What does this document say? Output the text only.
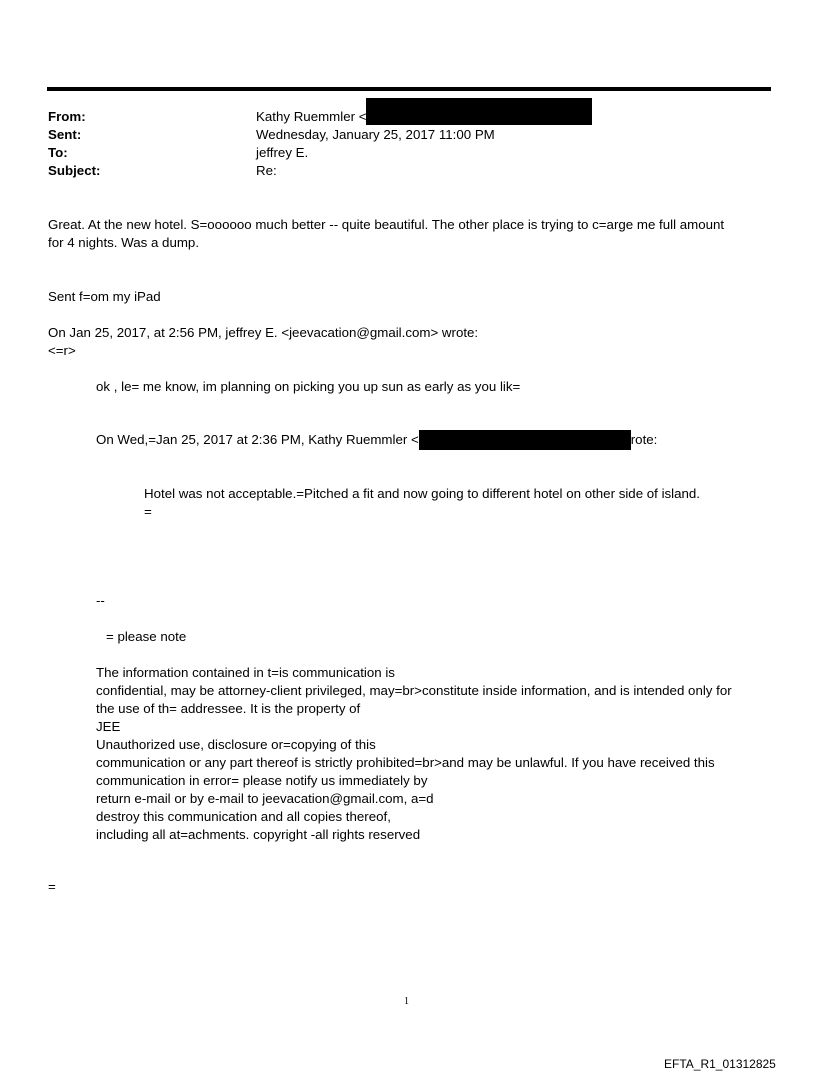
From:	Kathy Ruemmler <
Sent:	Wednesday, January 25, 2017 11:00 PM
To:	jeffrey E.
Subject:	Re:
Great. At the new hotel. S=oooooo much better -- quite beautiful. The other place is trying to c=arge me full amount
for 4 nights. Was a dump.
Sent f=om my iPad
On Jan 25, 2017, at 2:56 PM, jeffrey E. <jeevacation@gmail.com> wrote:
<=r>
ok , le= me know, im planning on picking you up sun as early as you lik=
On Wed,=Jan 25, 2017 at 2:36 PM, Kathy Ruemmler <	rote:
Hotel was not acceptable.=Pitched a fit and now going to different hotel on other side of island.
=
--
= please note
The information contained in t=is communication is
confidential, may be attorney-client privileged, may=br>constitute inside information, and is intended only for
the use of th= addressee. It is the property of
JEE
Unauthorized use, disclosure or=copying of this
communication or any part thereof is strictly prohibited=br>and may be unlawful. If you have received this
communication in error= please notify us immediately by
return e-mail or by e-mail to jeevacation@gmail.com, a=d
destroy this communication and all copies thereof,
including all at=achments. copyright -all rights reserved
=
1
EFTA_R1_01312825
